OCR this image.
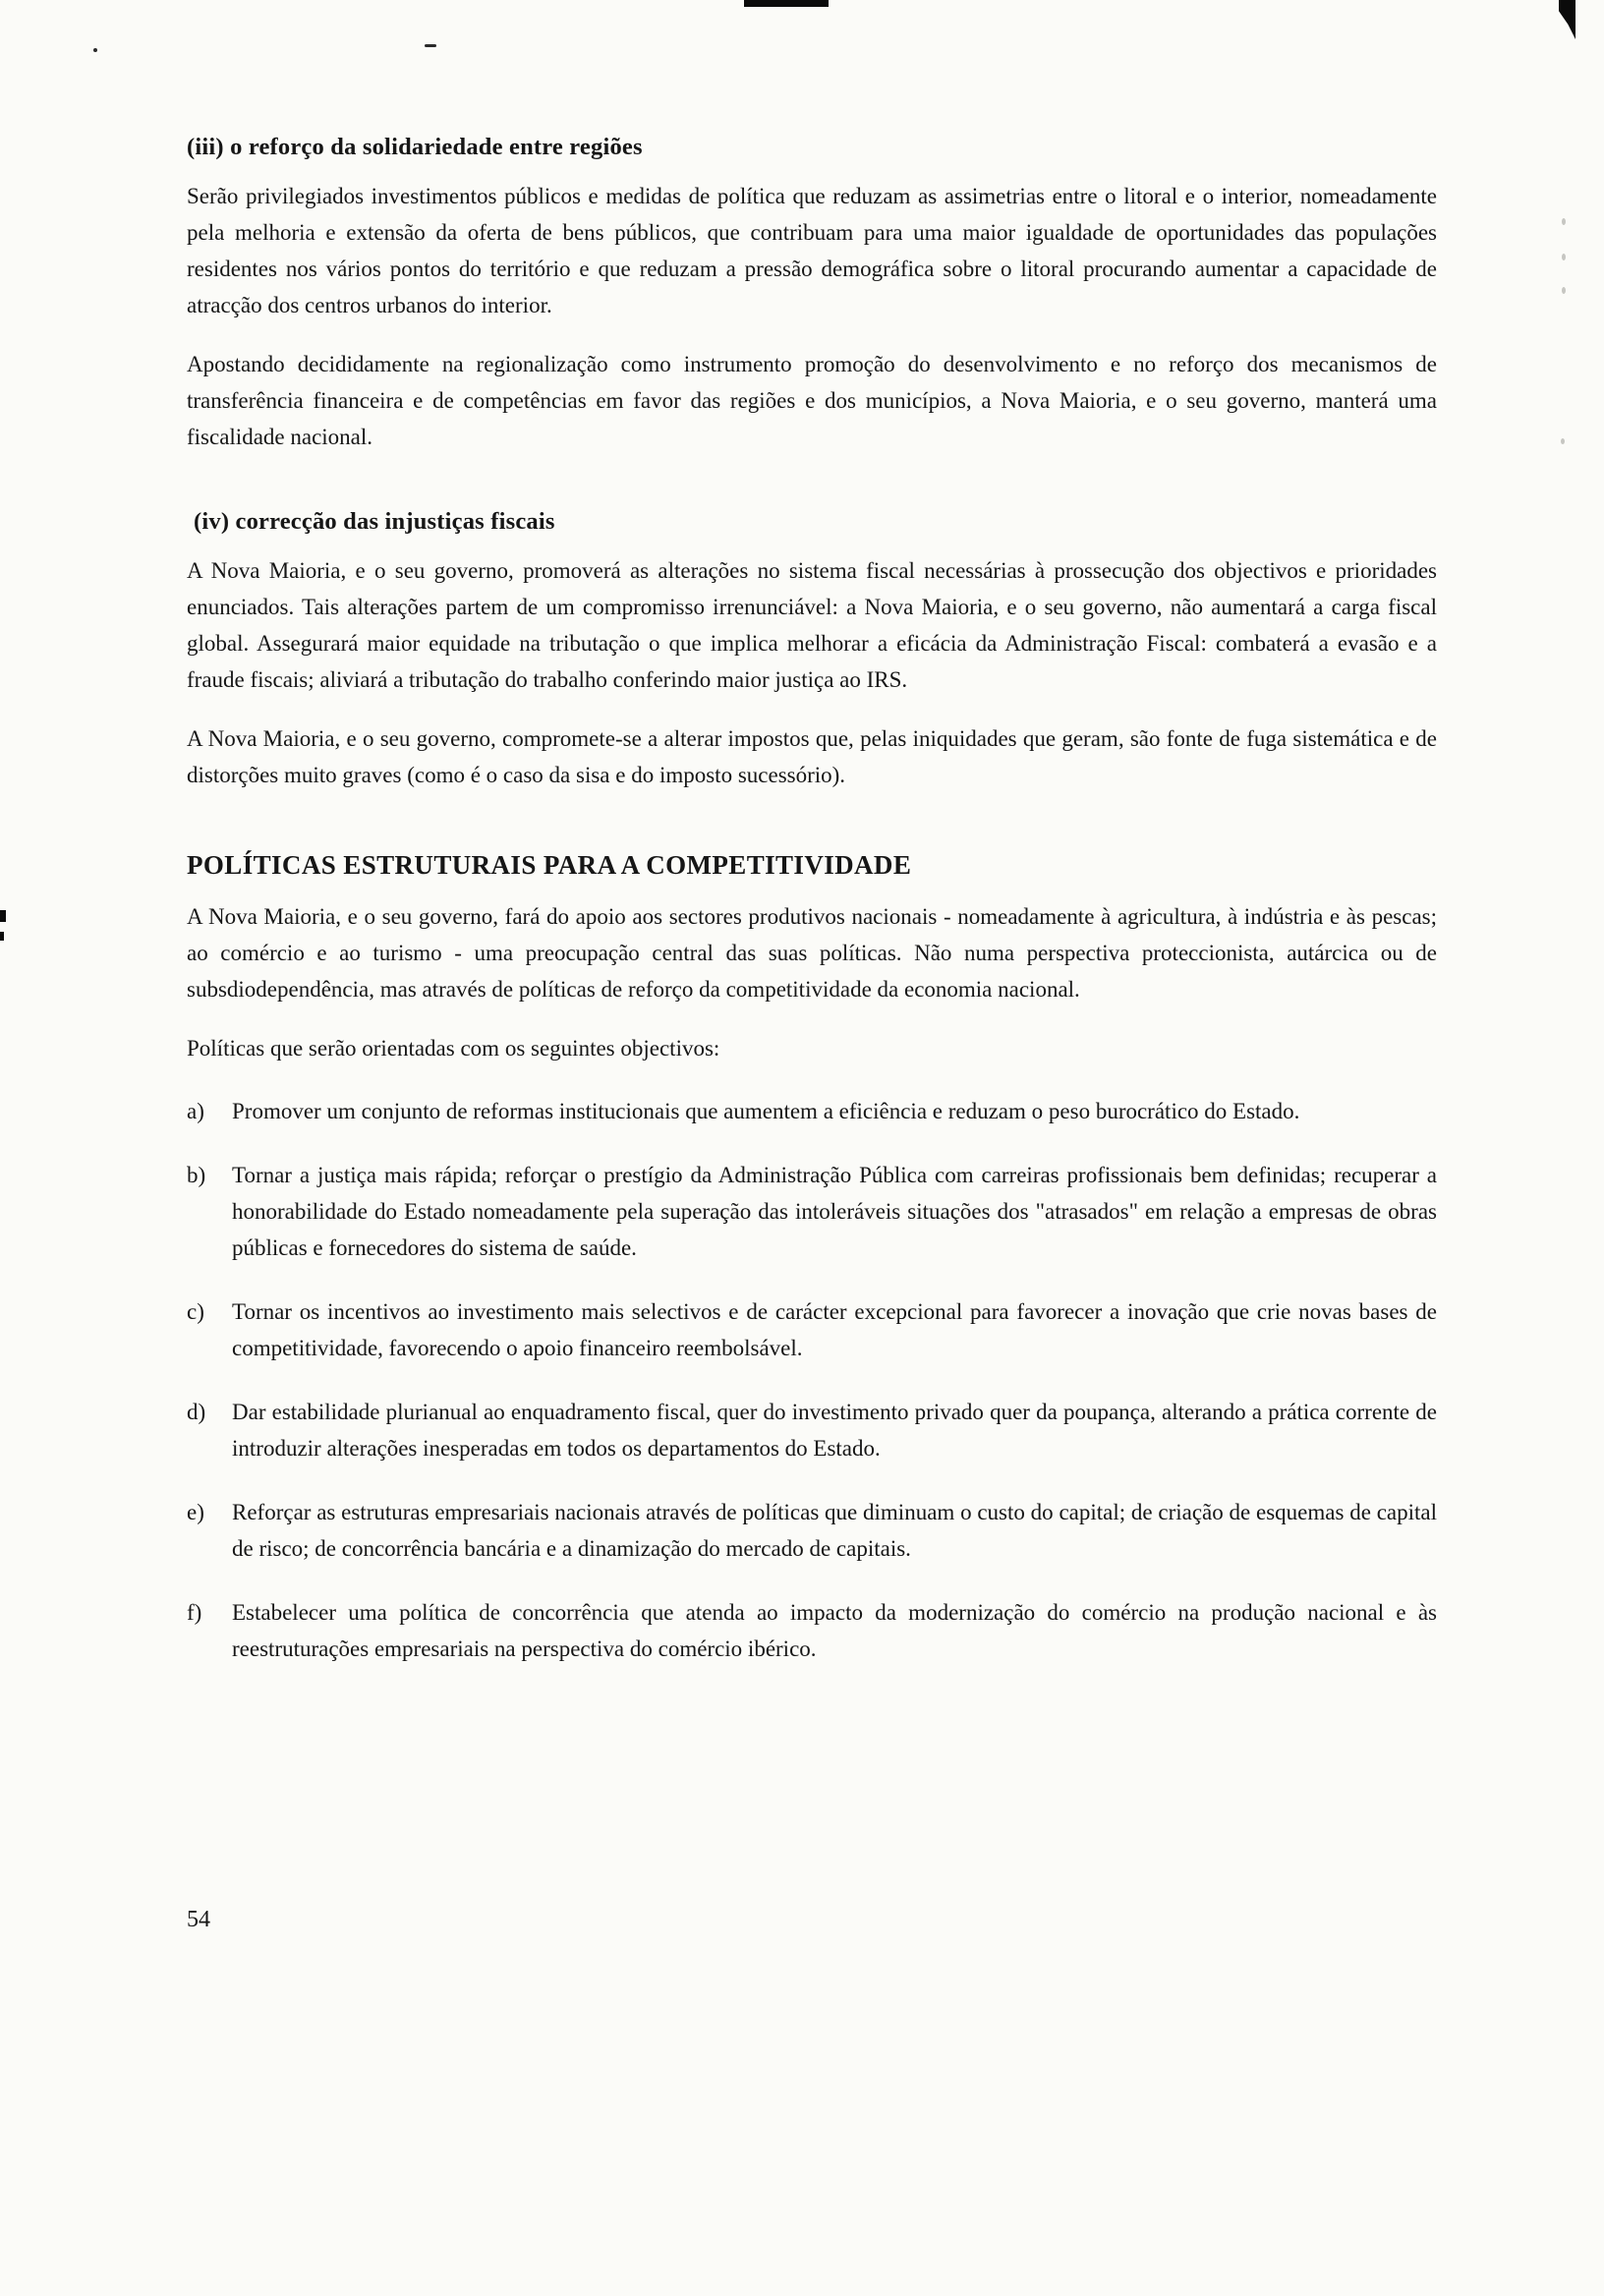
(iii) o reforço da solidariedade entre regiões

Serão privilegiados investimentos públicos e medidas de política que reduzam as assimetrias entre o litoral e o interior, nomeadamente pela melhoria e extensão da oferta de bens públicos, que contribuam para uma maior igualdade de oportunidades das populações residentes nos vários pontos do território e que reduzam a pressão demográfica sobre o litoral procurando aumentar a capacidade de atracção dos centros urbanos do interior.

Apostando decididamente na regionalização como instrumento promoção do desenvolvimento e no reforço dos mecanismos de transferência financeira e de competências em favor das regiões e dos municípios, a Nova Maioria, e o seu governo, manterá uma fiscalidade nacional.

(iv) correcção das injustiças fiscais

A Nova Maioria, e o seu governo, promoverá as alterações no sistema fiscal necessárias à prossecução dos objectivos e prioridades enunciados. Tais alterações partem de um compromisso irrenunciável: a Nova Maioria, e o seu governo, não aumentará a carga fiscal global. Assegurará maior equidade na tributação o que implica melhorar a eficácia da Administração Fiscal: combaterá a evasão e a fraude fiscais; aliviará a tributação do trabalho conferindo maior justiça ao IRS.

A Nova Maioria, e o seu governo, compromete-se a alterar impostos que, pelas iniquidades que geram, são fonte de fuga sistemática e de distorções muito graves (como é o caso da sisa e do imposto sucessório).

POLÍTICAS ESTRUTURAIS PARA A COMPETITIVIDADE

A Nova Maioria, e o seu governo, fará do apoio aos sectores produtivos nacionais - nomeadamente à agricultura, à indústria e às pescas; ao comércio e ao turismo - uma preocupação central das suas políticas. Não numa perspectiva proteccionista, autárcica ou de subsdiodependência, mas através de políticas de reforço da competitividade da economia nacional.

Políticas que serão orientadas com os seguintes objectivos:

a)	Promover um conjunto de reformas institucionais que aumentem a eficiência e reduzam o peso burocrático do Estado.
b)	Tornar a justiça mais rápida; reforçar o prestígio da Administração Pública com carreiras profissionais bem definidas; recuperar a honorabilidade do Estado nomeadamente pela superação das intoleráveis situações dos "atrasados" em relação a empresas de obras públicas e fornecedores do sistema de saúde.
c)	Tornar os incentivos ao investimento mais selectivos e de carácter excepcional para favorecer a inovação que crie novas bases de competitividade, favorecendo o apoio financeiro reembolsável.
d)	Dar estabilidade plurianual ao enquadramento fiscal, quer do investimento privado quer da poupança, alterando a prática corrente de introduzir alterações inesperadas em todos os departamentos do Estado.
e)	Reforçar as estruturas empresariais nacionais através de políticas que diminuam o custo do capital; de criação de esquemas de capital de risco; de concorrência bancária e a dinamização do mercado de capitais.
f)	Estabelecer uma política de concorrência que atenda ao impacto da modernização do comércio na produção nacional e às reestruturações empresariais na perspectiva do comércio ibérico.
54
